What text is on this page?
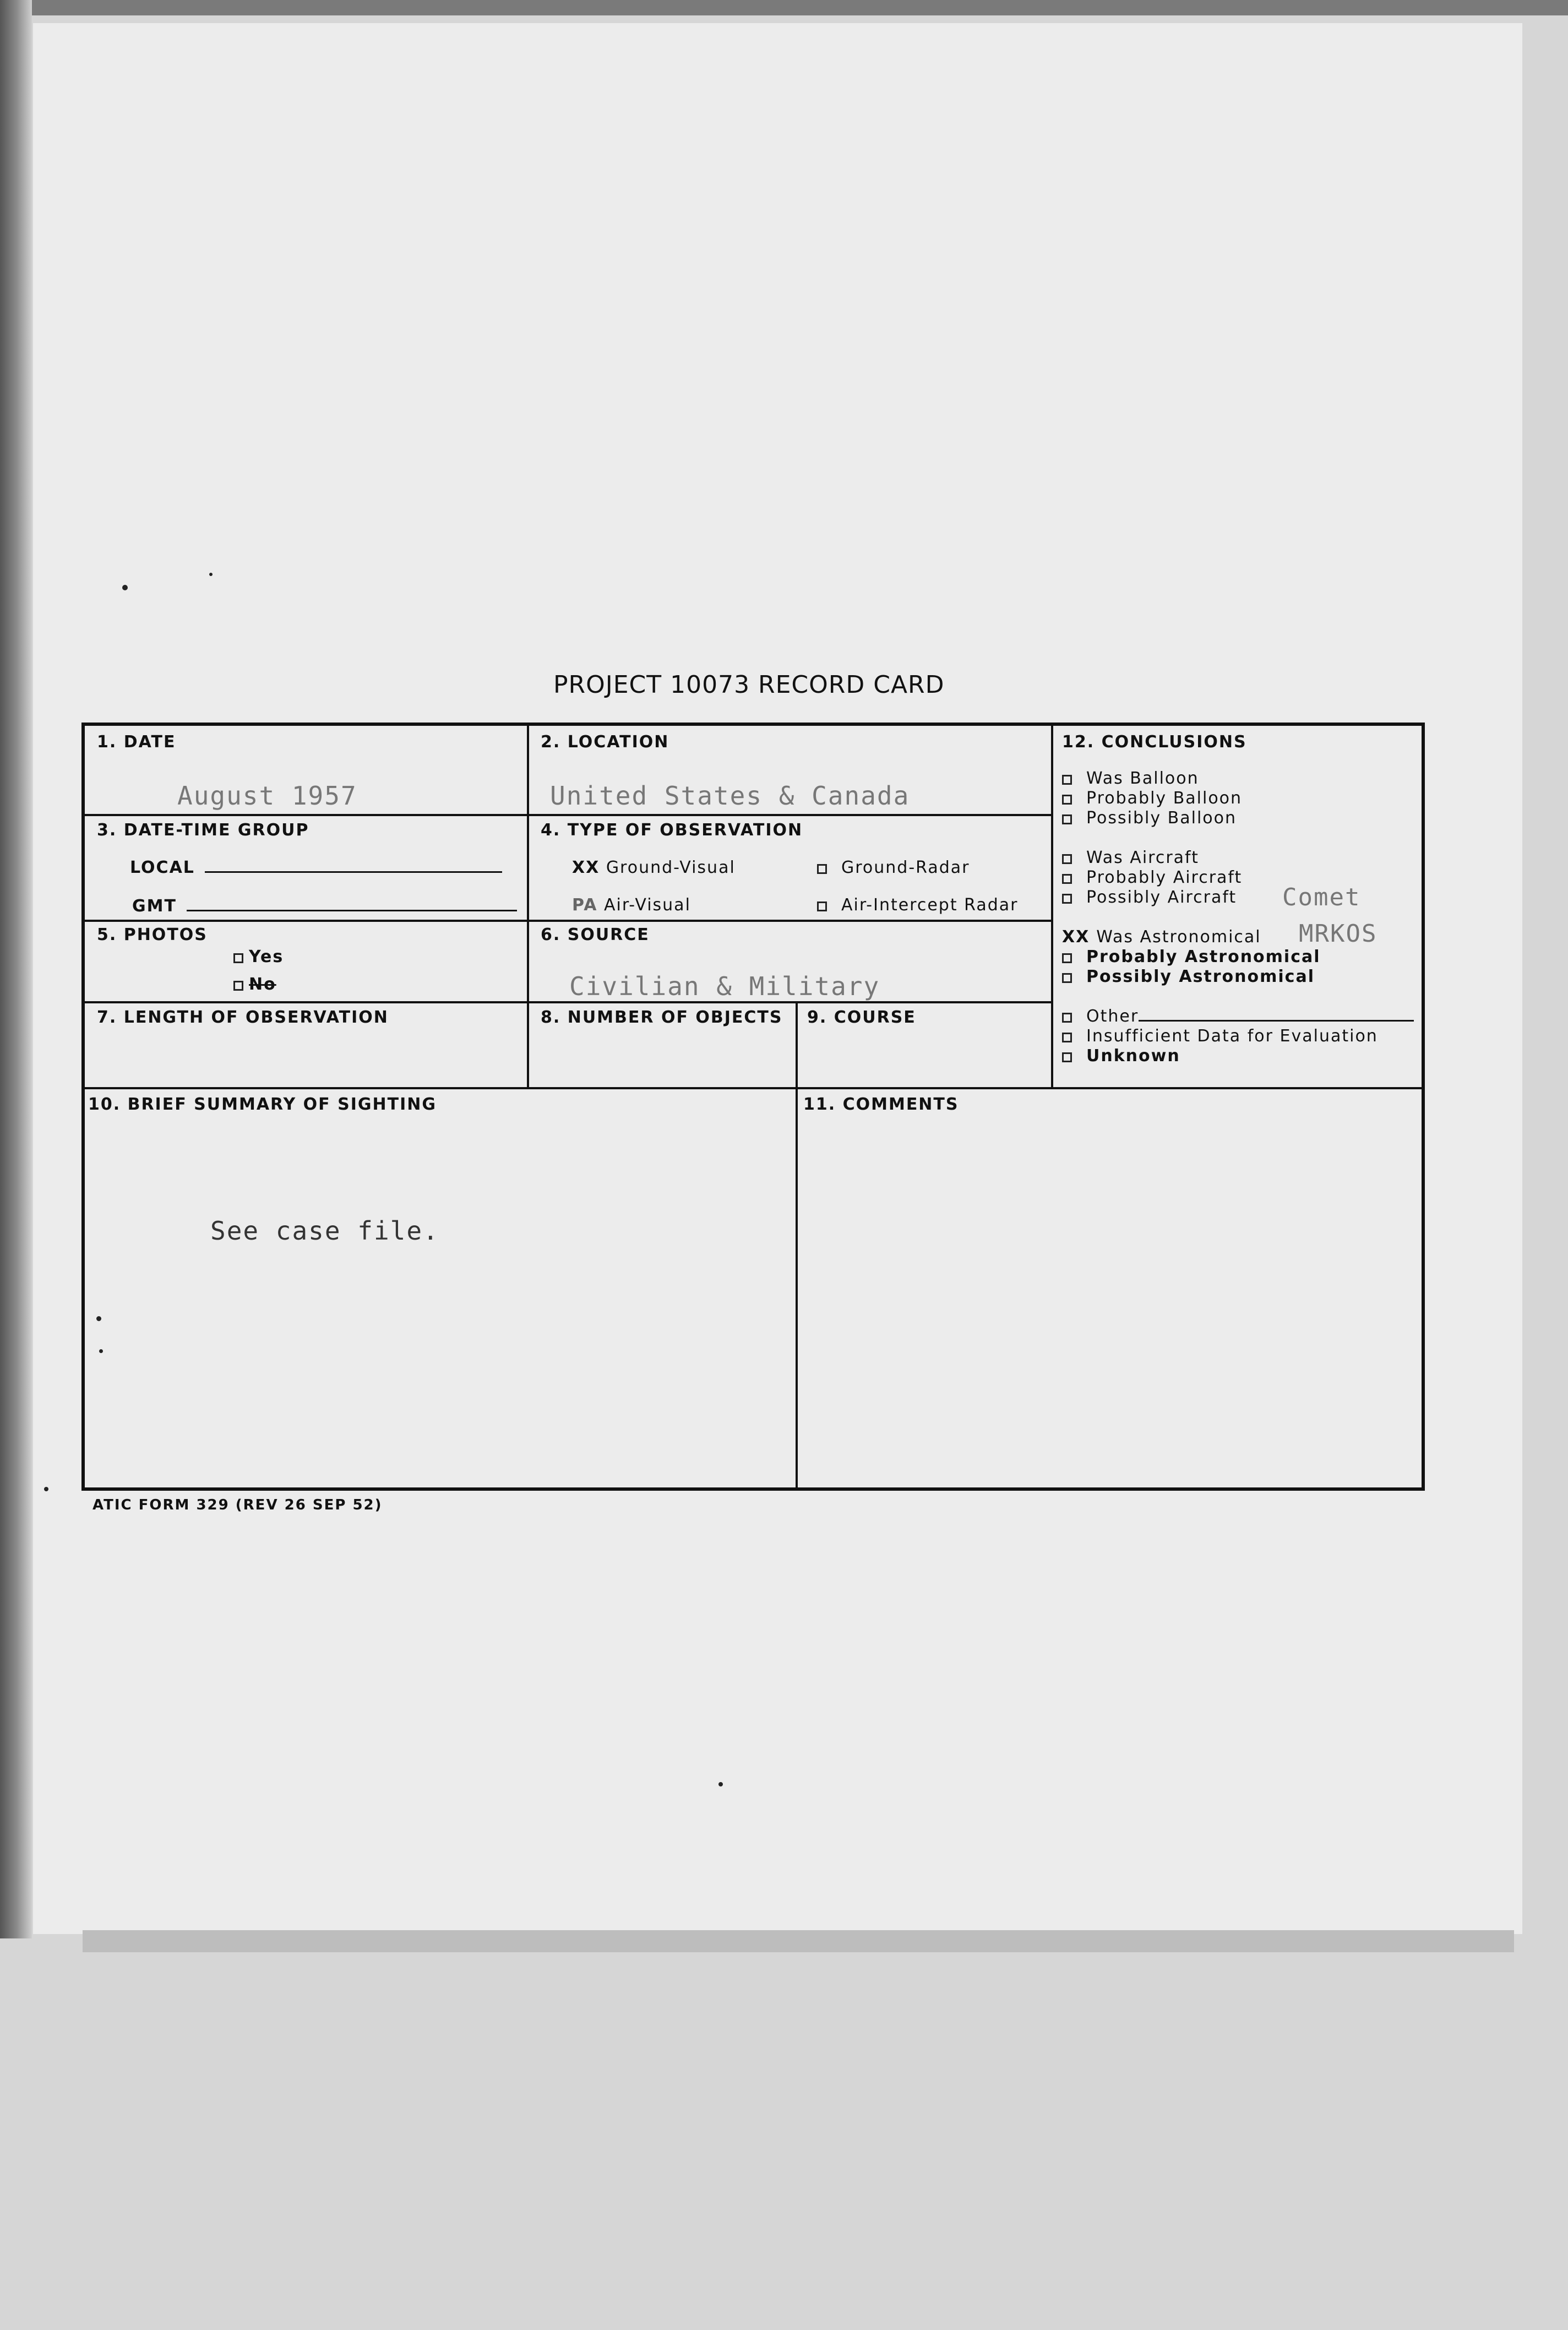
PROJECT 10073 RECORD CARD
1. DATE
August 1957
2. LOCATION
United States & Canada
3. DATE-TIME GROUP
LOCAL
GMT
4. TYPE OF OBSERVATION
XX Ground-Visual	Ground-Radar
PA Air-Visual	Air-Intercept Radar
5. PHOTOS
Yes
No
6. SOURCE
Civilian & Military
7. LENGTH OF OBSERVATION	8. NUMBER OF OBJECTS 9. COURSE
12. CONCLUSIONS
Was Balloon
Probably Balloon
Possibly Balloon
Was Aircraft
Probably Aircraft
Possibly Aircraft Comet
XX Was Astronomical MRKOS
Probably Astronomical
Possibly Astronomical
Other
Insufficient Data for Evaluation
Unknown
10. BRIEF SUMMARY OF SIGHTING
See case file.
11. COMMENTS
ATIC FORM 329 (REV 26 SEP 52)
